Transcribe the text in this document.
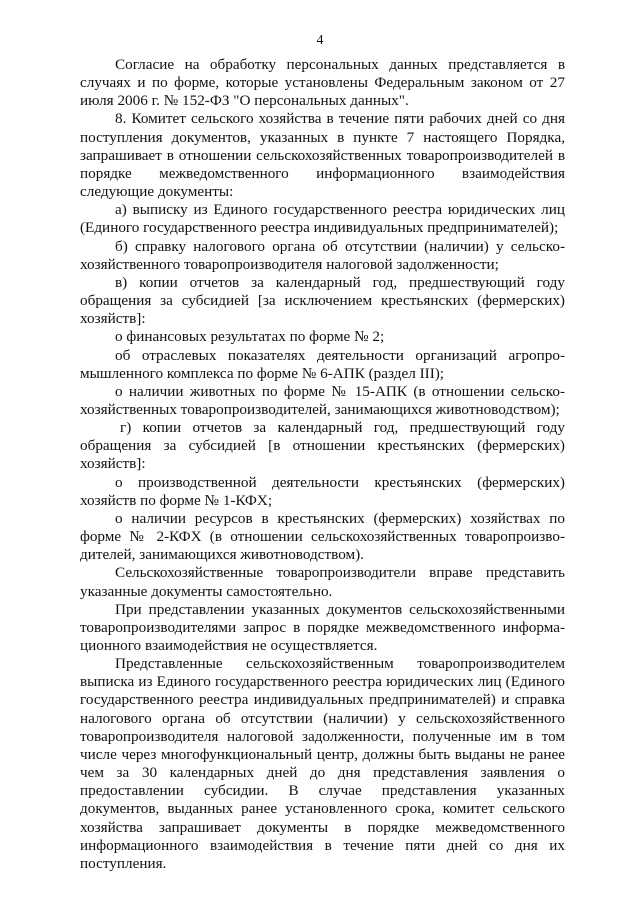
4

Согласие на обработку персональных данных представляется в случаях и по форме, которые установлены Федеральным законом от 27 июля 2006 г. № 152-ФЗ "О персональных данных".

8. Комитет сельского хозяйства в течение пяти рабочих дней со дня поступления документов, указанных в пункте 7 настоящего Порядка, запрашивает в отношении сельскохозяйственных товаропроизводителей в порядке межведомственного информационного взаимодействия следующие документы:

а) выписку из Единого государственного реестра юридических лиц (Единого государственного реестра индивидуальных предпринимателей);

б) справку налогового органа об отсутствии (наличии) у сельскохозяйственного товаропроизводителя налоговой задолженности;

в) копии отчетов за календарный год, предшествующий году обращения за субсидией [за исключением крестьянских (фермерских) хозяйств]:

о финансовых результатах по форме № 2;

об отраслевых показателях деятельности организаций агропромышленного комплекса по форме № 6-АПК (раздел III);

о наличии животных по форме № 15-АПК (в отношении сельскохозяйственных товаропроизводителей, занимающихся животноводством);

г) копии отчетов за календарный год, предшествующий году обращения за субсидией [в отношении крестьянских (фермерских) хозяйств]:

о производственной деятельности крестьянских (фермерских) хозяйств по форме № 1-КФХ;

о наличии ресурсов в крестьянских (фермерских) хозяйствах по форме № 2-КФХ (в отношении сельскохозяйственных товаропроизводителей, занимающихся животноводством).

Сельскохозяйственные товаропроизводители вправе представить указанные документы самостоятельно.

При представлении указанных документов сельскохозяйственными товаропроизводителями запрос в порядке межведомственного информационного взаимодействия не осуществляется.

Представленные сельскохозяйственным товаропроизводителем выписка из Единого государственного реестра юридических лиц (Единого государственного реестра индивидуальных предпринимателей) и справка налогового органа об отсутствии (наличии) у сельскохозяйственного товаропроизводителя налоговой задолженности, полученные им в том числе через многофункциональный центр, должны быть выданы не ранее чем за 30 календарных дней до дня представления заявления о предоставлении субсидии. В случае представления указанных документов, выданных ранее установленного срока, комитет сельского хозяйства запрашивает документы в порядке межведомственного информационного взаимодействия в течение пяти дней со дня их поступления.
